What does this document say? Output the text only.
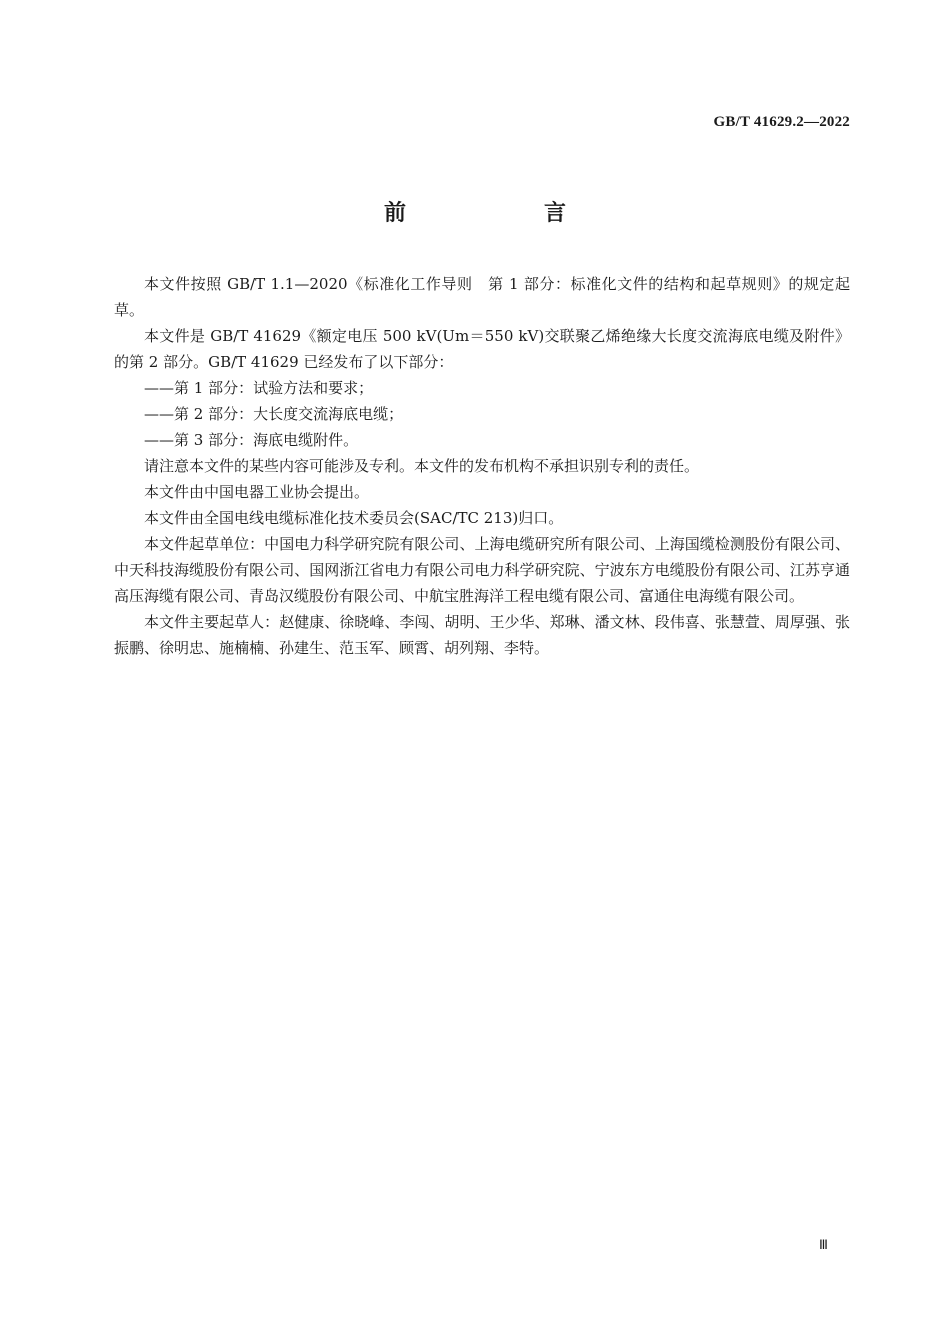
GB/T 41629.2—2022
前　言

本文件按照 GB/T 1.1—2020《标准化工作导则　第 1 部分：标准化文件的结构和起草规则》的规定起草。

本文件是 GB/T 41629《额定电压 500 kV(Um＝550 kV)交联聚乙烯绝缘大长度交流海底电缆及附件》的第 2 部分。GB/T 41629 已经发布了以下部分：

——第 1 部分：试验方法和要求；

——第 2 部分：大长度交流海底电缆；

——第 3 部分：海底电缆附件。

请注意本文件的某些内容可能涉及专利。本文件的发布机构不承担识别专利的责任。

本文件由中国电器工业协会提出。

本文件由全国电线电缆标准化技术委员会(SAC/TC 213)归口。

本文件起草单位：中国电力科学研究院有限公司、上海电缆研究所有限公司、上海国缆检测股份有限公司、中天科技海缆股份有限公司、国网浙江省电力有限公司电力科学研究院、宁波东方电缆股份有限公司、江苏亨通高压海缆有限公司、青岛汉缆股份有限公司、中航宝胜海洋工程电缆有限公司、富通住电海缆有限公司。

本文件主要起草人：赵健康、徐晓峰、李闯、胡明、王少华、郑琳、潘文林、段伟喜、张慧萱、周厚强、张振鹏、徐明忠、施楠楠、孙建生、范玉军、顾霄、胡列翔、李特。

Ⅲ
